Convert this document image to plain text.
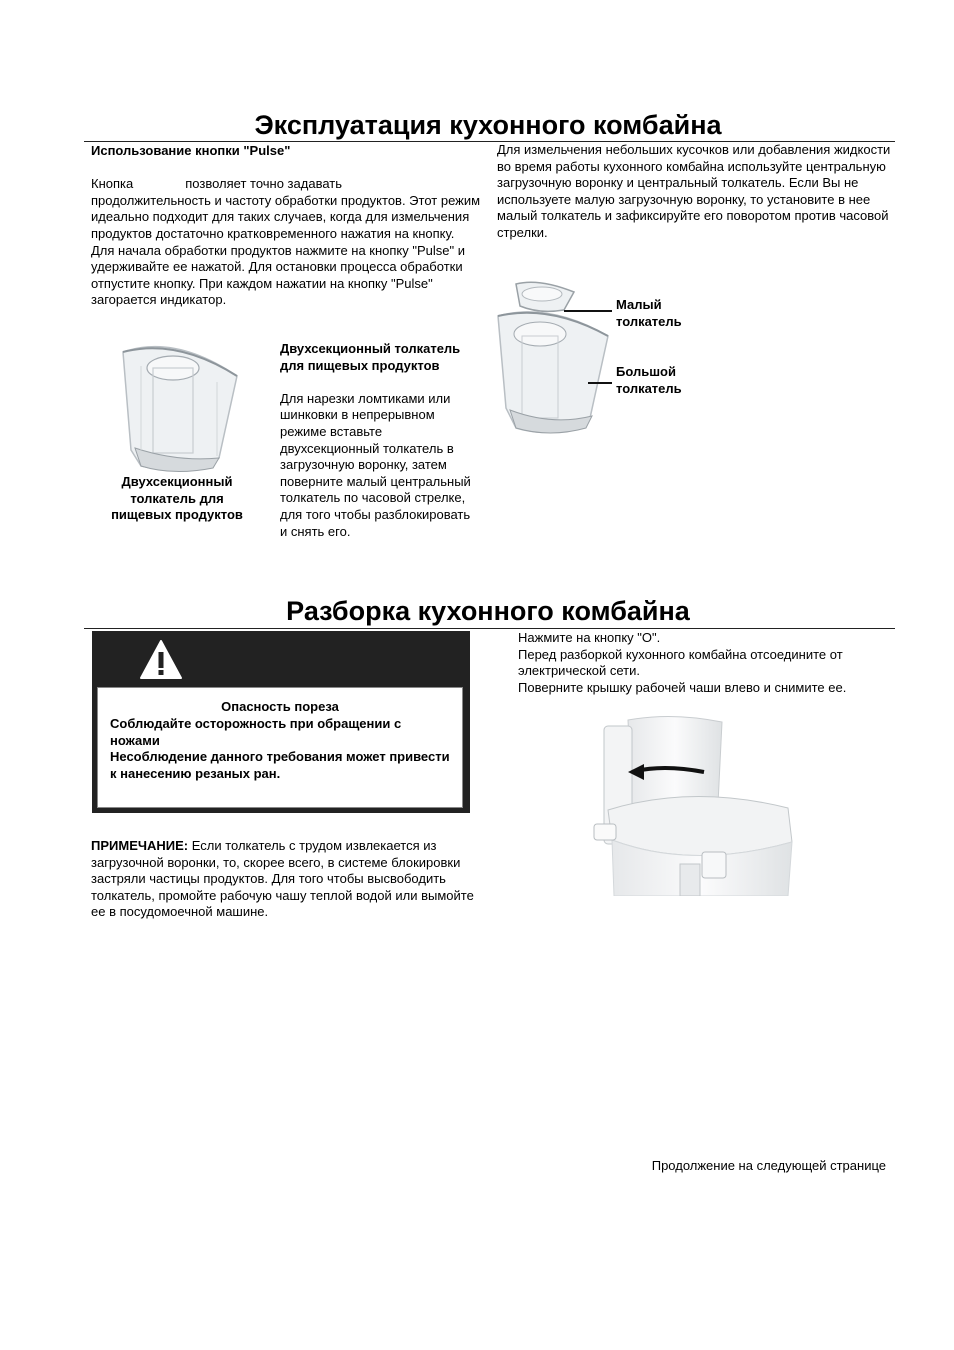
Эксплуатация кухонного комбайна

Использование кнопки "Pulse"

Кнопка	позволяет точно задавать

продолжительность и частоту обработки продуктов. Этот режим идеально подходит для таких случаев, когда для измельчения продуктов достаточно кратковременного нажатия на кнопку. Для начала обработки продуктов нажмите на кнопку "Pulse" и удерживайте ее нажатой. Для остановки процесса обработки отпустите кнопку. При каждом нажатии на кнопку "Pulse" загорается индикатор.

Двухсекционный толкатель для пищевых продуктов

Двухсекционный толкатель для пищевых продуктов

Для нарезки ломтиками или шинковки в непрерывном режиме вставьте двухсекционный толкатель в загрузочную воронку, затем поверните малый центральный толкатель по часовой стрелке, для того чтобы разблокировать и снять его.

Для измельчения небольших кусочков или добавления жидкости во время работы кухонного комбайна используйте центральную загрузочную воронку и центральный толкатель. Если Вы не используете малую загрузочную воронку, то установите в нее малый толкатель и зафиксируйте его поворотом против часовой стрелки.
Малый толкатель
Большой толкатель
Разборка кухонного комбайна
Опасность пореза
Соблюдайте осторожность при обращении с ножами
Несоблюдение данного требования может привести к нанесению резаных ран.
ПРИМЕЧАНИЕ: Если толкатель с трудом извлекается из загрузочной воронки, то, скорее всего, в системе блокировки застряли частицы продуктов. Для того чтобы высвободить толкатель, промойте рабочую чашу теплой водой или вымойте ее в посудомоечной машине.

Нажмите на кнопку "O".

Перед разборкой кухонного комбайна отсоедините от электрической сети.

Поверните крышку рабочей чаши влево и снимите ее.

Продолжение на следующей странице
